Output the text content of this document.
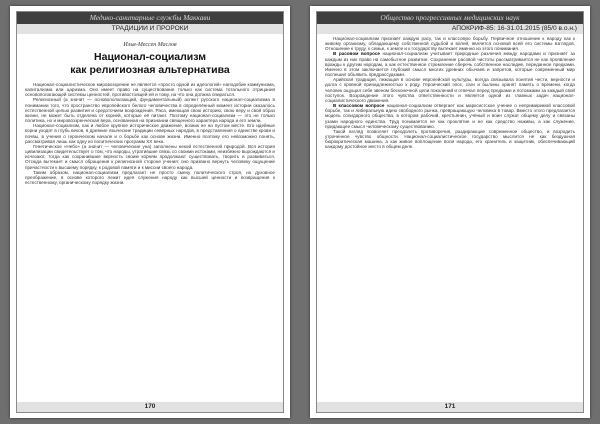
Медико-санитарные службы Маккави
ТРАДИЦИИ И ПРОРОКИ
Илья-Мессен Маслов
Национал-социализм
как религиозная альтернатива

Национал-социалистическое мировоззрение не является «просто одной из идеологий» наподобие коммунизма, капитализма или царизма. Оно имеет право на существование только как система тотального отрицания основополагающей системы ценностей, противостоящей ей и тому, на что она должна опираться.

Религиозный (а значит — основополагающий, фундаментальный) аспект русского национал-социализма в понимании того, что пространство европейского белого человечества в определённый момент истории оказалось естественной целью развития и средоточием возрождения. Раса, имеющая свою историю, свою веру и свой образ жизни, не может быть отделена от корней, которые её питают. Поэтому национал-социализм — это не только политика, но и мировоззренческая вера, основанная на признании священного характера народа и его земли.

Национал-социализм, как и любое крупное историческое движение, возник не на пустом месте. Его идейные корни уходят в глубь веков, в древние языческие традиции северных народов, в представления о единстве крови и почвы, в учения о героическом начале и о борьбе как основе жизни. Именно поэтому его невозможно понять, рассматривая лишь как одну из политических программ XX века.

Генетическое «Небо» (а значит — человеческие уна) заполнены некой естественной природой. Вся история цивилизации свидетельствует о том, что народы, утратившие связь со своими истоками, неизбежно вырождаются и исчезают, тогда как сохранившие верность своим корням продолжают существовать, творить и развиваться. Отсюда вытекает и смысл обращения к религиозной стороне учения: оно призвано вернуть человеку ощущение причастности к высшему порядку, к родовой памяти и к миссии своего народа.

Таким образом, национал-социализм предлагает не просто смену политического строя, но духовное преображение, в основе которого лежит идея служения народу как высшей ценности и возвращения к естественному, органическому порядку жизни.

170
Общество прогрессивных медицинских наук
АПОКРИФ-85: 16-31.01.2015 (85/0 в.о.н.)

Национал-социализм признаёт каждую расу, так и классовую борьбу. Первичное отношение к народу как к живому организму, обладающему собственной судьбой и волей, является основой всей его системы взглядов. Отношение к труду, к семье, к земле и к государству вытекает именно из этого понимания.

В расовом вопросе национал-социализм учитывает природные различия между народами и признаёт за каждым из них право на самобытное развитие. Сохранение расовой чистоты рассматривается не как проявление вражды к другим народам, а как естественное стремление сберечь собственное наследие, переданное предками. Именно в этом заключается глубокий смысл многих древних обычаев и запретов, которые современный мир поспешил объявить предрассудками.

Арийская традиция, лежащая в основе европейской культуры, всегда связывала понятия чести, верности и долга с кровной принадлежностью к роду. Героический эпос, саги и былины хранят память о времени, когда человек ощущал себя звеном бесконечной цепи поколений и отвечал перед предками и потомками за каждый свой поступок. Возрождение этого чувства ответственности и является одной из главных задач национал-социалистического движения.

В классовом вопросе национал-социализм отвергает как марксистское учение о непримиримой классовой борьбе, так и либеральную идею свободного рынка, превращающую человека в товар. Вместо этого предлагается модель солидарного общества, в котором рабочий, крестьянин, учёный и воин служат общему делу и связаны узами народного единства. Труд понимается не как проклятие и не как средство наживы, а как служение, придающее смысл человеческому существованию.

Такой взгляд позволяет преодолеть противоречия, раздирающие современное общество, и возродить утраченное чувство общности. Национал-социалистическое государство мыслится не как бездушная бюрократическая машина, а как живое воплощение воли народа, его хранитель и защитник, обеспечивающий каждому достойное место в общем деле.

171
